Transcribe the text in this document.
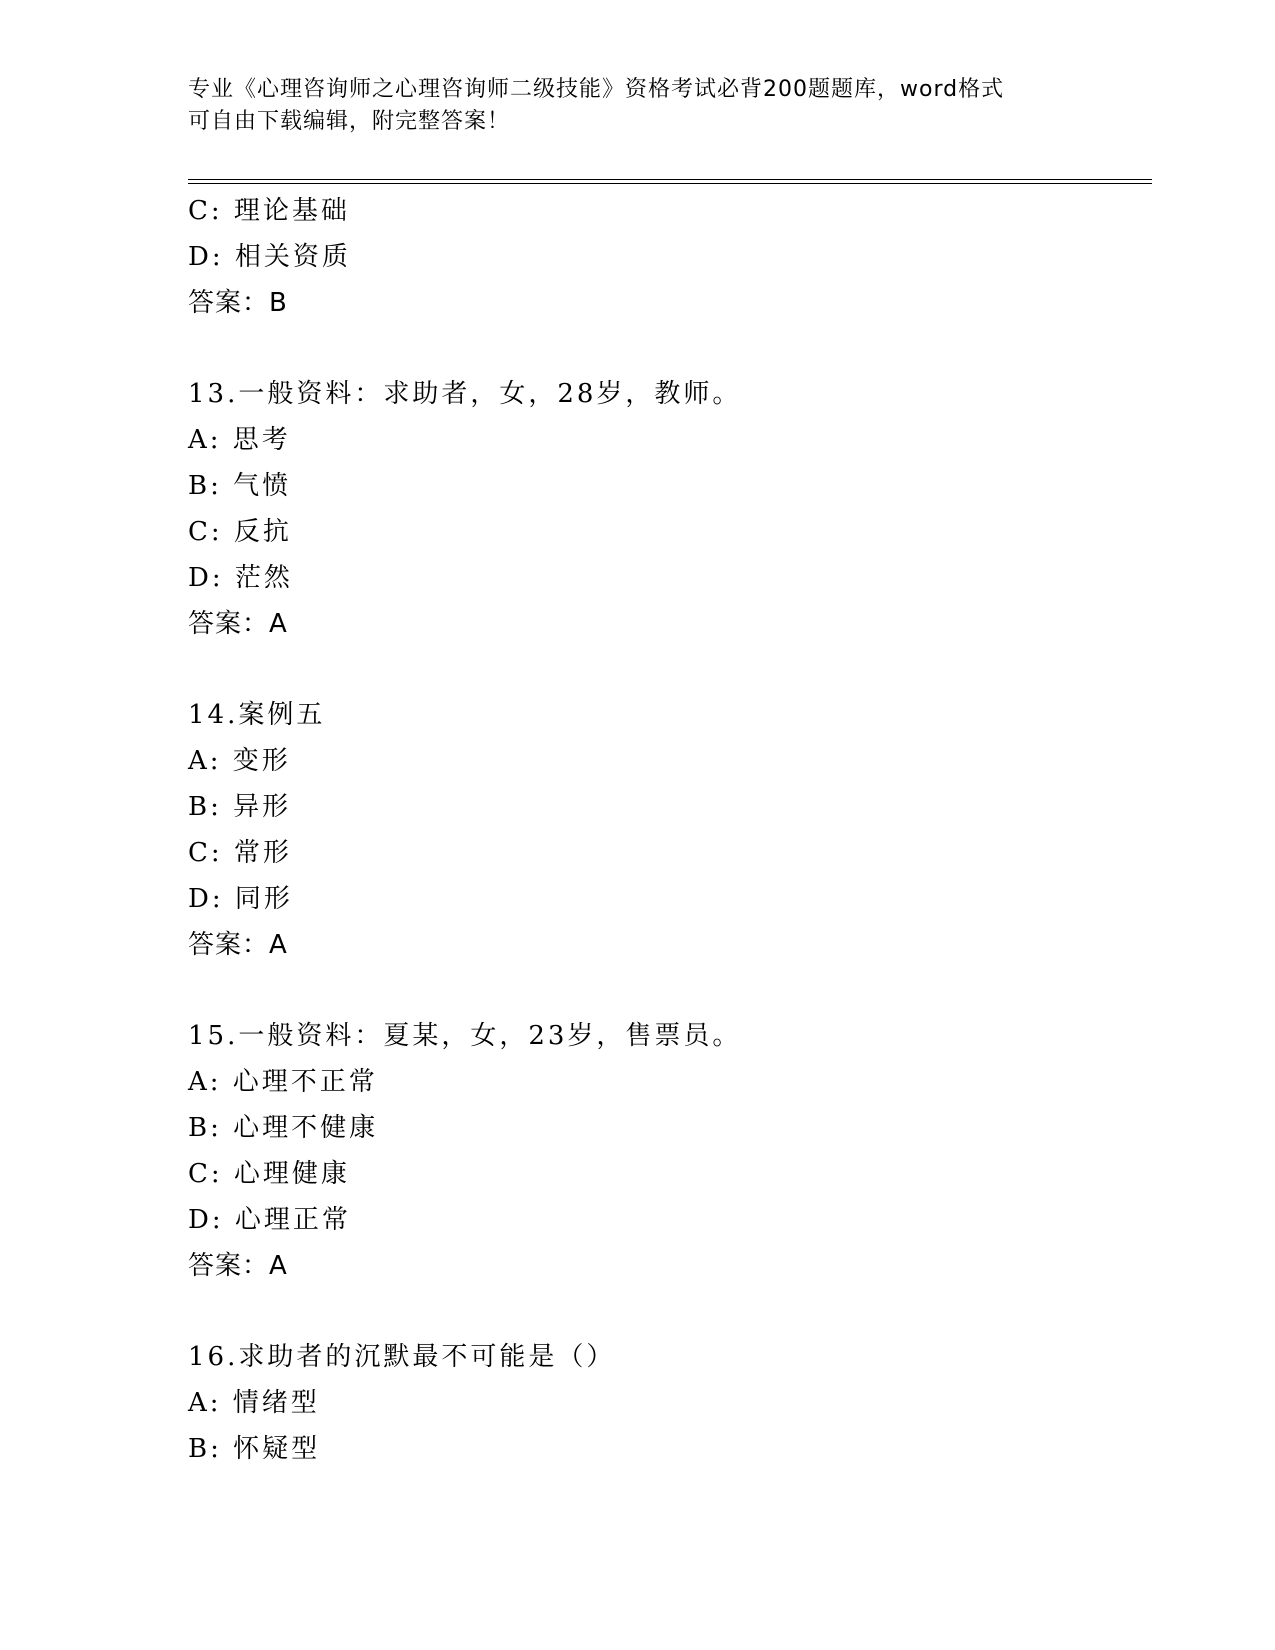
专业《心理咨询师之心理咨询师二级技能》资格考试必背200题题库，word格式
可自由下载编辑，附完整答案！
C: 理论基础
D: 相关资质
答案：B
13.一般资料：求助者，女，28岁，教师。
A: 思考
B: 气愤
C: 反抗
D: 茫然
答案：A
14.案例五
A: 变形
B: 异形
C: 常形
D: 同形
答案：A
15.一般资料：夏某，女，23岁，售票员。
A: 心理不正常
B: 心理不健康
C: 心理健康
D: 心理正常
答案：A
16.求助者的沉默最不可能是（）
A: 情绪型
B: 怀疑型
